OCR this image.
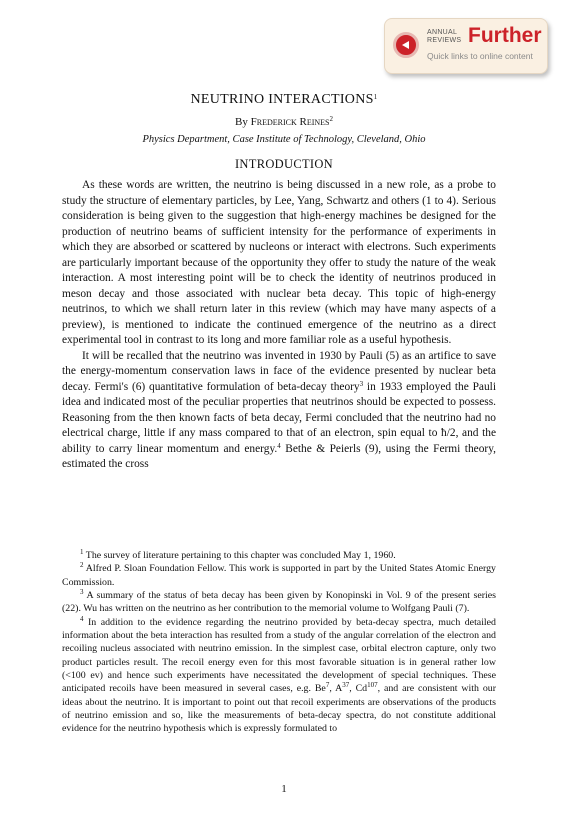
ANNUAL
REVIEWS Further
Quick links to online content
NEUTRINO INTERACTIONS$^1$
By Frederick Reines$^2$
Physics Department, Case Institute of Technology, Cleveland, Ohio
INTRODUCTION

As these words are written, the neutrino is being discussed in a new role, as a probe to study the structure of elementary particles, by Lee, Yang, Schwartz and others (1 to 4). Serious consideration is being given to the suggestion that high-energy machines be designed for the production of neutrino beams of sufficient intensity for the performance of experiments in which they are absorbed or scattered by nucleons or interact with electrons. Such experiments are particularly important because of the opportunity they offer to study the nature of the weak interaction. A most interesting point will be to check the identity of neutrinos produced in meson decay and those associated with nuclear beta decay. This topic of high-energy neutrinos, to which we shall return later in this review (which may have many aspects of a preview), is mentioned to indicate the continued emergence of the neutrino as a direct experimental tool in contrast to its long and more familiar role as a useful hypothesis.

It will be recalled that the neutrino was invented in 1930 by Pauli (5) as an artifice to save the energy-momentum conservation laws in face of the evidence presented by nuclear beta decay. Fermi's (6) quantitative formulation of beta-decay theory$^3$ in 1933 employed the Pauli idea and indicated most of the peculiar properties that neutrinos should be expected to possess. Reasoning from the then known facts of beta decay, Fermi concluded that the neutrino had no electrical charge, little if any mass compared to that of an electron, spin equal to ħ/2, and the ability to carry linear momentum and energy.$^4$ Bethe & Peierls (9), using the Fermi theory, estimated the cross

$^1$ The survey of literature pertaining to this chapter was concluded May 1, 1960.

$^2$ Alfred P. Sloan Foundation Fellow. This work is supported in part by the United States Atomic Energy Commission.

$^3$ A summary of the status of beta decay has been given by Konopinski in Vol. 9 of the present series (22). Wu has written on the neutrino as her contribution to the memorial volume to Wolfgang Pauli (7).

$^4$ In addition to the evidence regarding the neutrino provided by beta-decay spectra, much detailed information about the beta interaction has resulted from a study of the angular correlation of the electron and recoiling nucleus associated with neutrino emission. In the simplest case, orbital electron capture, only two product particles result. The recoil energy even for this most favorable situation is in general rather low (<100 ev) and hence such experiments have necessitated the development of special techniques. These anticipated recoils have been measured in several cases, e.g. Be$^7$, $A^{37}$, Cd$^{107}$, and are consistent with our ideas about the neutrino. It is important to point out that recoil experiments are observations of the products of neutrino emission and so, like the measurements of beta-decay spectra, do not constitute additional evidence for the neutrino hypothesis which is expressly formulated to

1
